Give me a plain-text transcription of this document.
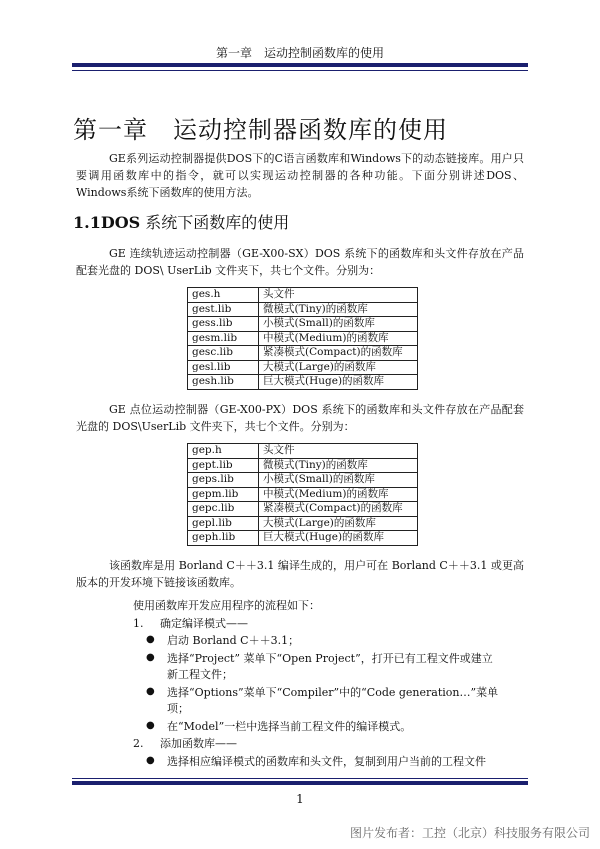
第一章　运动控制函数库的使用
第一章　运动控制器函数库的使用
GE系列运动控制器提供DOS下的C语言函数库和Windows下的动态链接库。用户只要调用函数库中的指令，就可以实现运动控制器的各种功能。下面分别讲述DOS、Windows系统下函数库的使用方法。
1.1DOS 系统下函数库的使用
GE 连续轨迹运动控制器（GE-X00-SX）DOS 系统下的函数库和头文件存放在产品配套光盘的 DOS\ UserLib 文件夹下，共七个文件。分别为：
ges.h	头文件
gest.lib	微模式(Tiny)的函数库
gess.lib	小模式(Small)的函数库
gesm.lib	中模式(Medium)的函数库
gesc.lib	紧凑模式(Compact)的函数库
gesl.lib	大模式(Large)的函数库
gesh.lib	巨大模式(Huge)的函数库
GE 点位运动控制器（GE-X00-PX）DOS 系统下的函数库和头文件存放在产品配套光盘的 DOS\UserLib 文件夹下，共七个文件。分别为：
gep.h	头文件
gept.lib	微模式(Tiny)的函数库
geps.lib	小模式(Small)的函数库
gepm.lib	中模式(Medium)的函数库
gepc.lib	紧凑模式(Compact)的函数库
gepl.lib	大模式(Large)的函数库
geph.lib	巨大模式(Huge)的函数库
该函数库是用 Borland C＋＋3.1 编译生成的，用户可在 Borland C＋＋3.1 或更高版本的开发环境下链接该函数库。
使用函数库开发应用程序的流程如下：
1. 确定编译模式——
● 启动 Borland C＋＋3.1；
● 选择“Project” 菜单下“Open Project”，打开已有工程文件或建立
新工程文件；
● 选择“Options”菜单下“Compiler”中的“Code generation…”菜单
项；
● 在“Model”一栏中选择当前工程文件的编译模式。
2. 添加函数库——
● 选择相应编译模式的函数库和头文件，复制到用户当前的工程文件
1
图片发布者：工控（北京）科技服务有限公司
